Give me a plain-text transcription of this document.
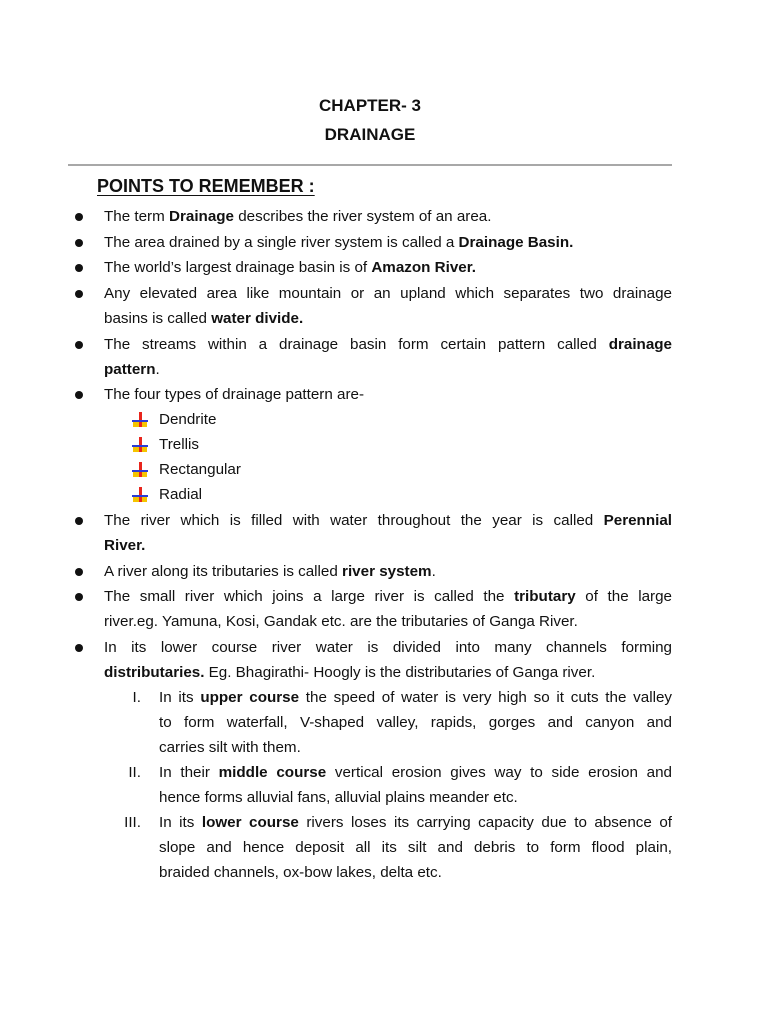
CHAPTER- 3
DRAINAGE
POINTS TO REMEMBER :
The term Drainage describes the river system of an area.
The area drained by a single river system is called a Drainage Basin.
The world’s largest drainage basin is of Amazon River.
Any elevated area like mountain or an upland which separates two drainage
basins is called water divide.
The streams within a drainage basin form certain pattern called drainage
pattern.
The four types of drainage pattern are-
The river which is filled with water throughout the year is called Perennial
River.
A river along its tributaries is called river system.
The small river which joins a large river is called the tributary of the large
river.eg. Yamuna, Kosi, Gandak etc. are the tributaries of Ganga River.
In its lower course river water is divided into many channels forming
distributaries. Eg. Bhagirathi- Hoogly is the distributaries of Ganga river.
Dendrite
Trellis
Rectangular
Radial
I. In its upper course the speed of water is very high so it cuts the valley
to form waterfall, V-shaped valley, rapids, gorges and canyon and
carries silt with them.
II. In their middle course vertical erosion gives way to side erosion and
hence forms alluvial fans, alluvial plains meander etc.
III. In its lower course rivers loses its carrying capacity due to absence of
slope and hence deposit all its silt and debris to form flood plain,
braided channels, ox-bow lakes, delta etc.
